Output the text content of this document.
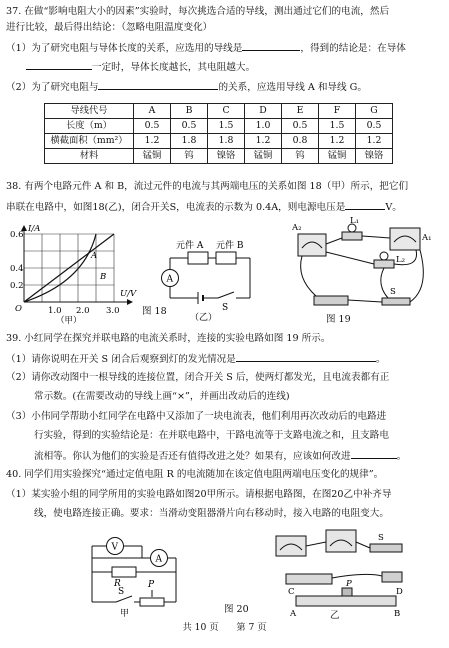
37. 在做“影响电阻大小的因素”实验时，每次挑选合适的导线，测出通过它们的电流，然后
进行比较，最后得出结论：（忽略电阻温度变化）
（1）为了研究电阻与导体长度的关系，应选用的导线是	，得到的结论是：在导体
一定时，导体长度越长，其电阻越大。
（2）为了研究电阻与	的关系，应选用导线 A 和导线 G。
导线代号	A	B	C	D	E	F	G
长度（m）	0.5	0.5	1.5	1.0	0.5	1.5	0.5
横截面积（mm²）	1.2	1.8	1.8	1.2	0.8	1.2	1.2
材料	锰铜	钨	镍铬	锰铜	钨	锰铜	镍铬
38. 有两个电路元件 A 和 B，流过元件的电流与其两端电压的关系如图 18（甲）所示，把它们
串联在电路中，如图18(乙)，闭合开关S，电流表的示数为 0.4A，则电源电压是	V。
I/A
U/V
O
0.6
0.4
0.2
1.0 2.0 3.0
A
B
（甲）
A
元件 A 元件 B
S
（乙）
图 18
A₂
L₁
A₁
L₂
S
图 19
39. 小红同学在探究并联电路的电流关系时，连接的实验电路如图 19 所示。
（1）请你说明在开关 S 闭合后观察到灯的发光情况是	。
（2）请你改动图中一根导线的连接位置，闭合开关 S 后，使两灯都发光，且电流表都有正
常示数。(在需要改动的导线上画“×”，并画出改动后的连线)
（3）小伟同学帮助小红同学在电路中又添加了一块电流表，他们利用再次改动后的电路进
行实验，得到的实验结论是：在并联电路中，干路电流等于支路电流之和，且支路电
流相等。你认为他们的实验是否还有值得改进之处？如果有，应该如何改进	。
40. 同学们用实验探究“通过定值电阻 R 的电流随加在该定值电阻两端电压变化的规律”。
（1）某实验小组的同学所用的实验电路如图20甲所示。请根据电路图，在图20乙中补齐导
线，使电路连接正确。要求：当滑动变阻器滑片向右移动时，接入电路的电阻变大。
V
A
R
S
P
甲	图 20
C	D
P
A	B
S
乙
共 10 页 第 7 页
